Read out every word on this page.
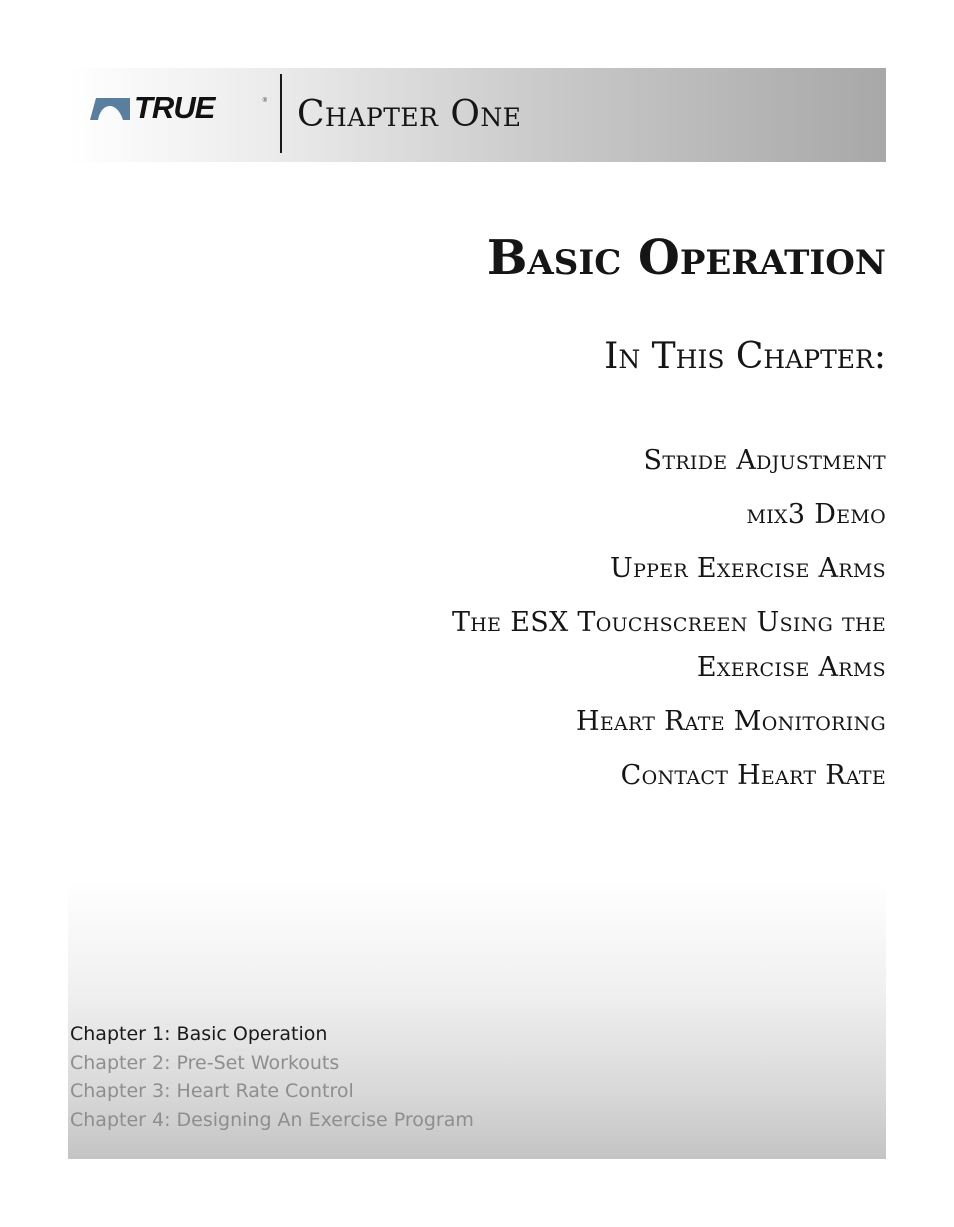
TRUE	® Chapter One
Basic Operation
In This Chapter:
Stride Adjustment
mix3 Demo
Upper Exercise Arms
The ESX Touchscreen Using the Exercise Arms
Heart Rate Monitoring
Contact Heart Rate
Chapter 1: Basic Operation
Chapter 2: Pre-Set Workouts
Chapter 3: Heart Rate Control
Chapter 4: Designing An Exercise Program
